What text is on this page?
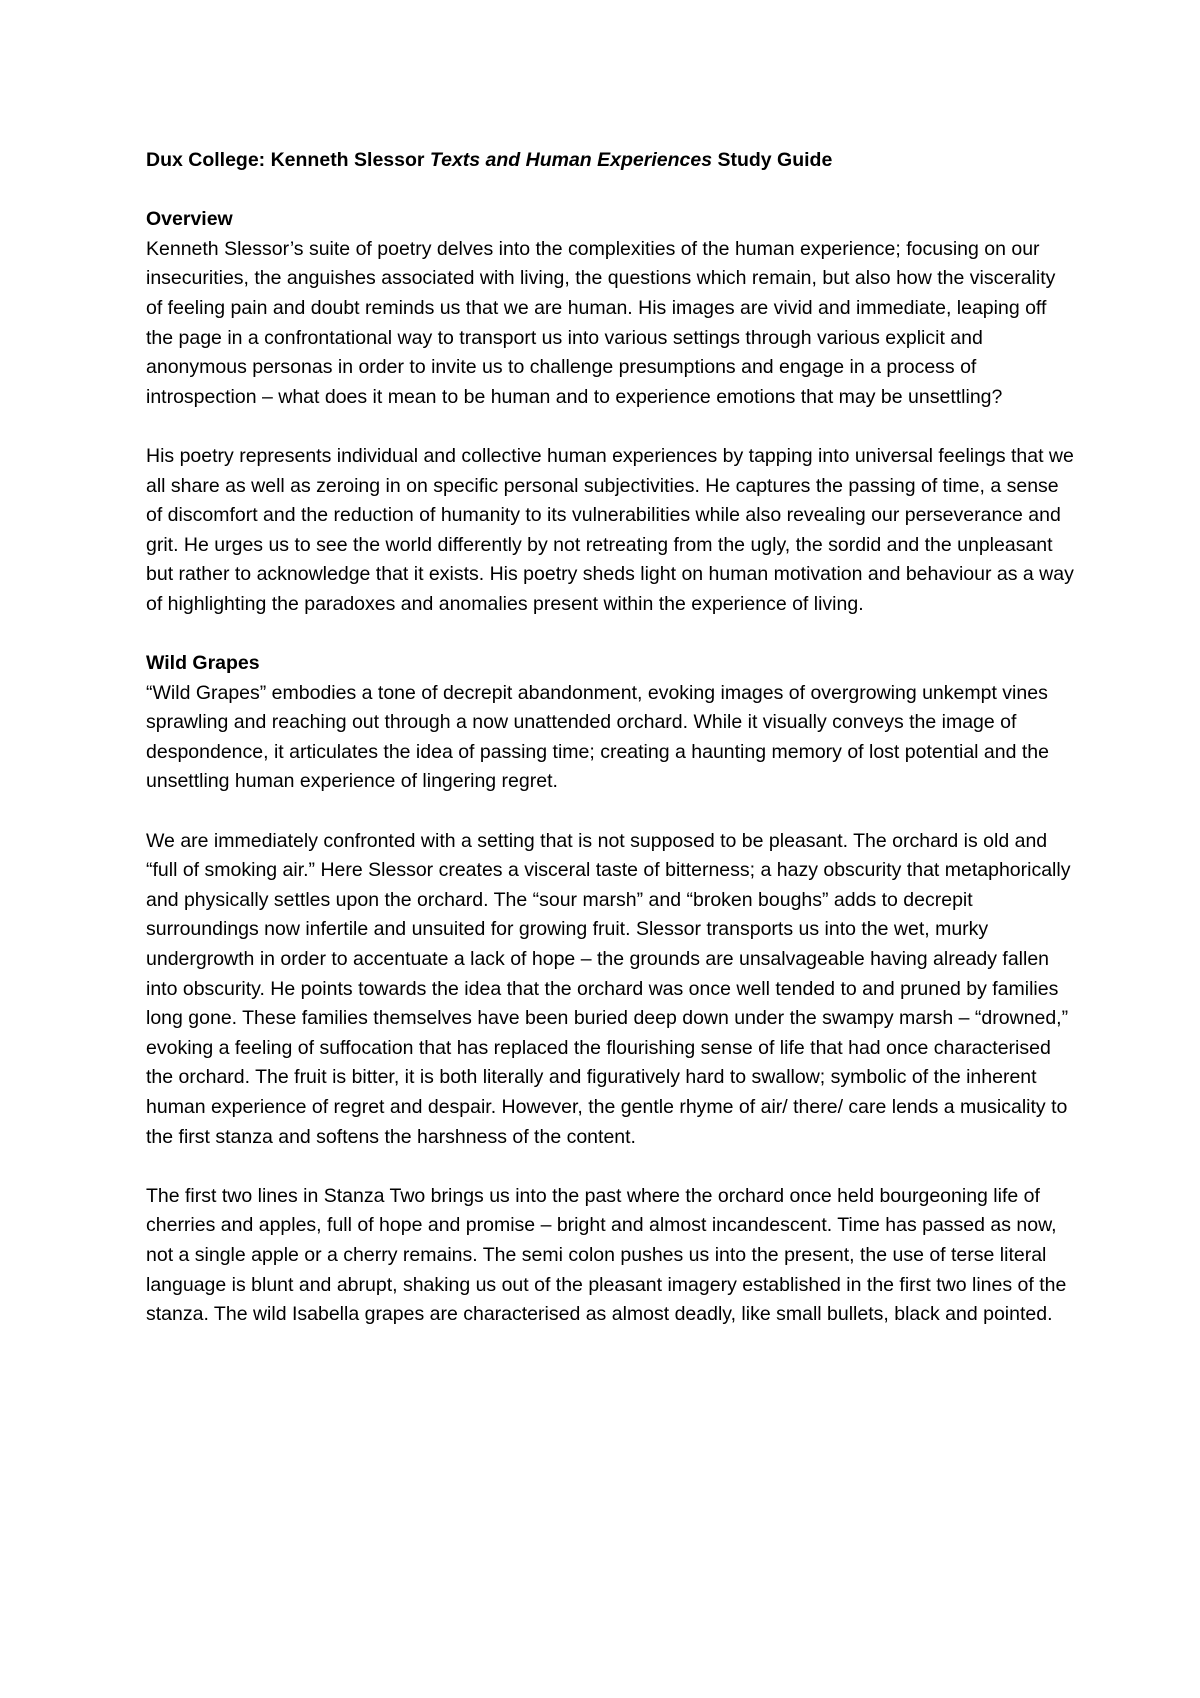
Dux College: Kenneth Slessor Texts and Human Experiences Study Guide

Overview

Kenneth Slessor’s suite of poetry delves into the complexities of the human experience; focusing on our insecurities, the anguishes associated with living, the questions which remain, but also how the viscerality of feeling pain and doubt reminds us that we are human. His images are vivid and immediate, leaping off the page in a confrontational way to transport us into various settings through various explicit and anonymous personas in order to invite us to challenge presumptions and engage in a process of introspection – what does it mean to be human and to experience emotions that may be unsettling?

His poetry represents individual and collective human experiences by tapping into universal feelings that we all share as well as zeroing in on specific personal subjectivities. He captures the passing of time, a sense of discomfort and the reduction of humanity to its vulnerabilities while also revealing our perseverance and grit. He urges us to see the world differently by not retreating from the ugly, the sordid and the unpleasant but rather to acknowledge that it exists. His poetry sheds light on human motivation and behaviour as a way of highlighting the paradoxes and anomalies present within the experience of living.

Wild Grapes

“Wild Grapes” embodies a tone of decrepit abandonment, evoking images of overgrowing unkempt vines sprawling and reaching out through a now unattended orchard. While it visually conveys the image of despondence, it articulates the idea of passing time; creating a haunting memory of lost potential and the unsettling human experience of lingering regret.

We are immediately confronted with a setting that is not supposed to be pleasant. The orchard is old and “full of smoking air.” Here Slessor creates a visceral taste of bitterness; a hazy obscurity that metaphorically and physically settles upon the orchard. The “sour marsh” and “broken boughs” adds to decrepit surroundings now infertile and unsuited for growing fruit. Slessor transports us into the wet, murky undergrowth in order to accentuate a lack of hope – the grounds are unsalvageable having already fallen into obscurity. He points towards the idea that the orchard was once well tended to and pruned by families long gone. These families themselves have been buried deep down under the swampy marsh – “drowned,” evoking a feeling of suffocation that has replaced the flourishing sense of life that had once characterised the orchard. The fruit is bitter, it is both literally and figuratively hard to swallow; symbolic of the inherent human experience of regret and despair. However, the gentle rhyme of air/ there/ care lends a musicality to the first stanza and softens the harshness of the content.

The first two lines in Stanza Two brings us into the past where the orchard once held bourgeoning life of cherries and apples, full of hope and promise – bright and almost incandescent. Time has passed as now, not a single apple or a cherry remains. The semi colon pushes us into the present, the use of terse literal language is blunt and abrupt, shaking us out of the pleasant imagery established in the first two lines of the stanza. The wild Isabella grapes are characterised as almost deadly, like small bullets, black and pointed.
